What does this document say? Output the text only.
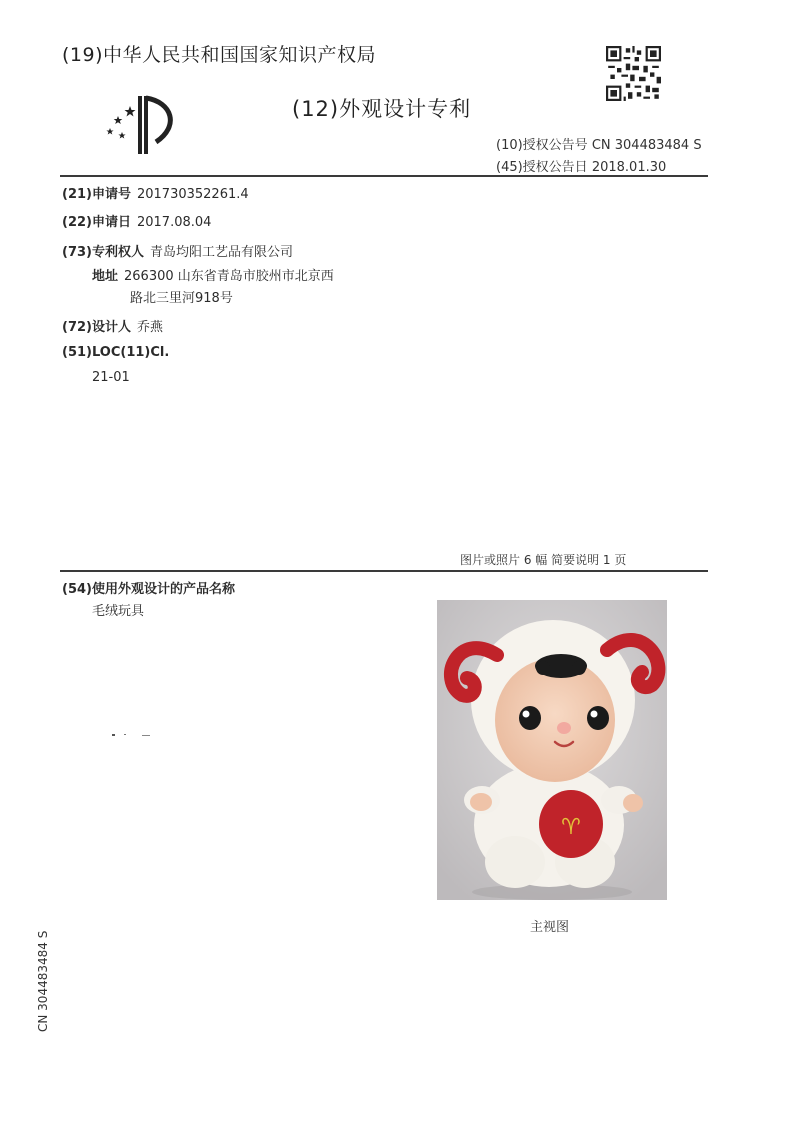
(19)中华人民共和国国家知识产权局
(12)外观设计专利
(10)授权公告号 CN 304483484 S
(45)授权公告日 2018.01.30
(21)申请号 201730352261.4
(22)申请日 2017.08.04
(73)专利权人 青岛均阳工艺品有限公司
地址 266300 山东省青岛市胶州市北京西
路北三里河918号
(72)设计人 乔燕
(51)LOC(11)Cl.
21-01
图片或照片 6 幅 简要说明 1 页
(54)使用外观设计的产品名称
毛绒玩具
♈
主视图
CN 304483484 S
